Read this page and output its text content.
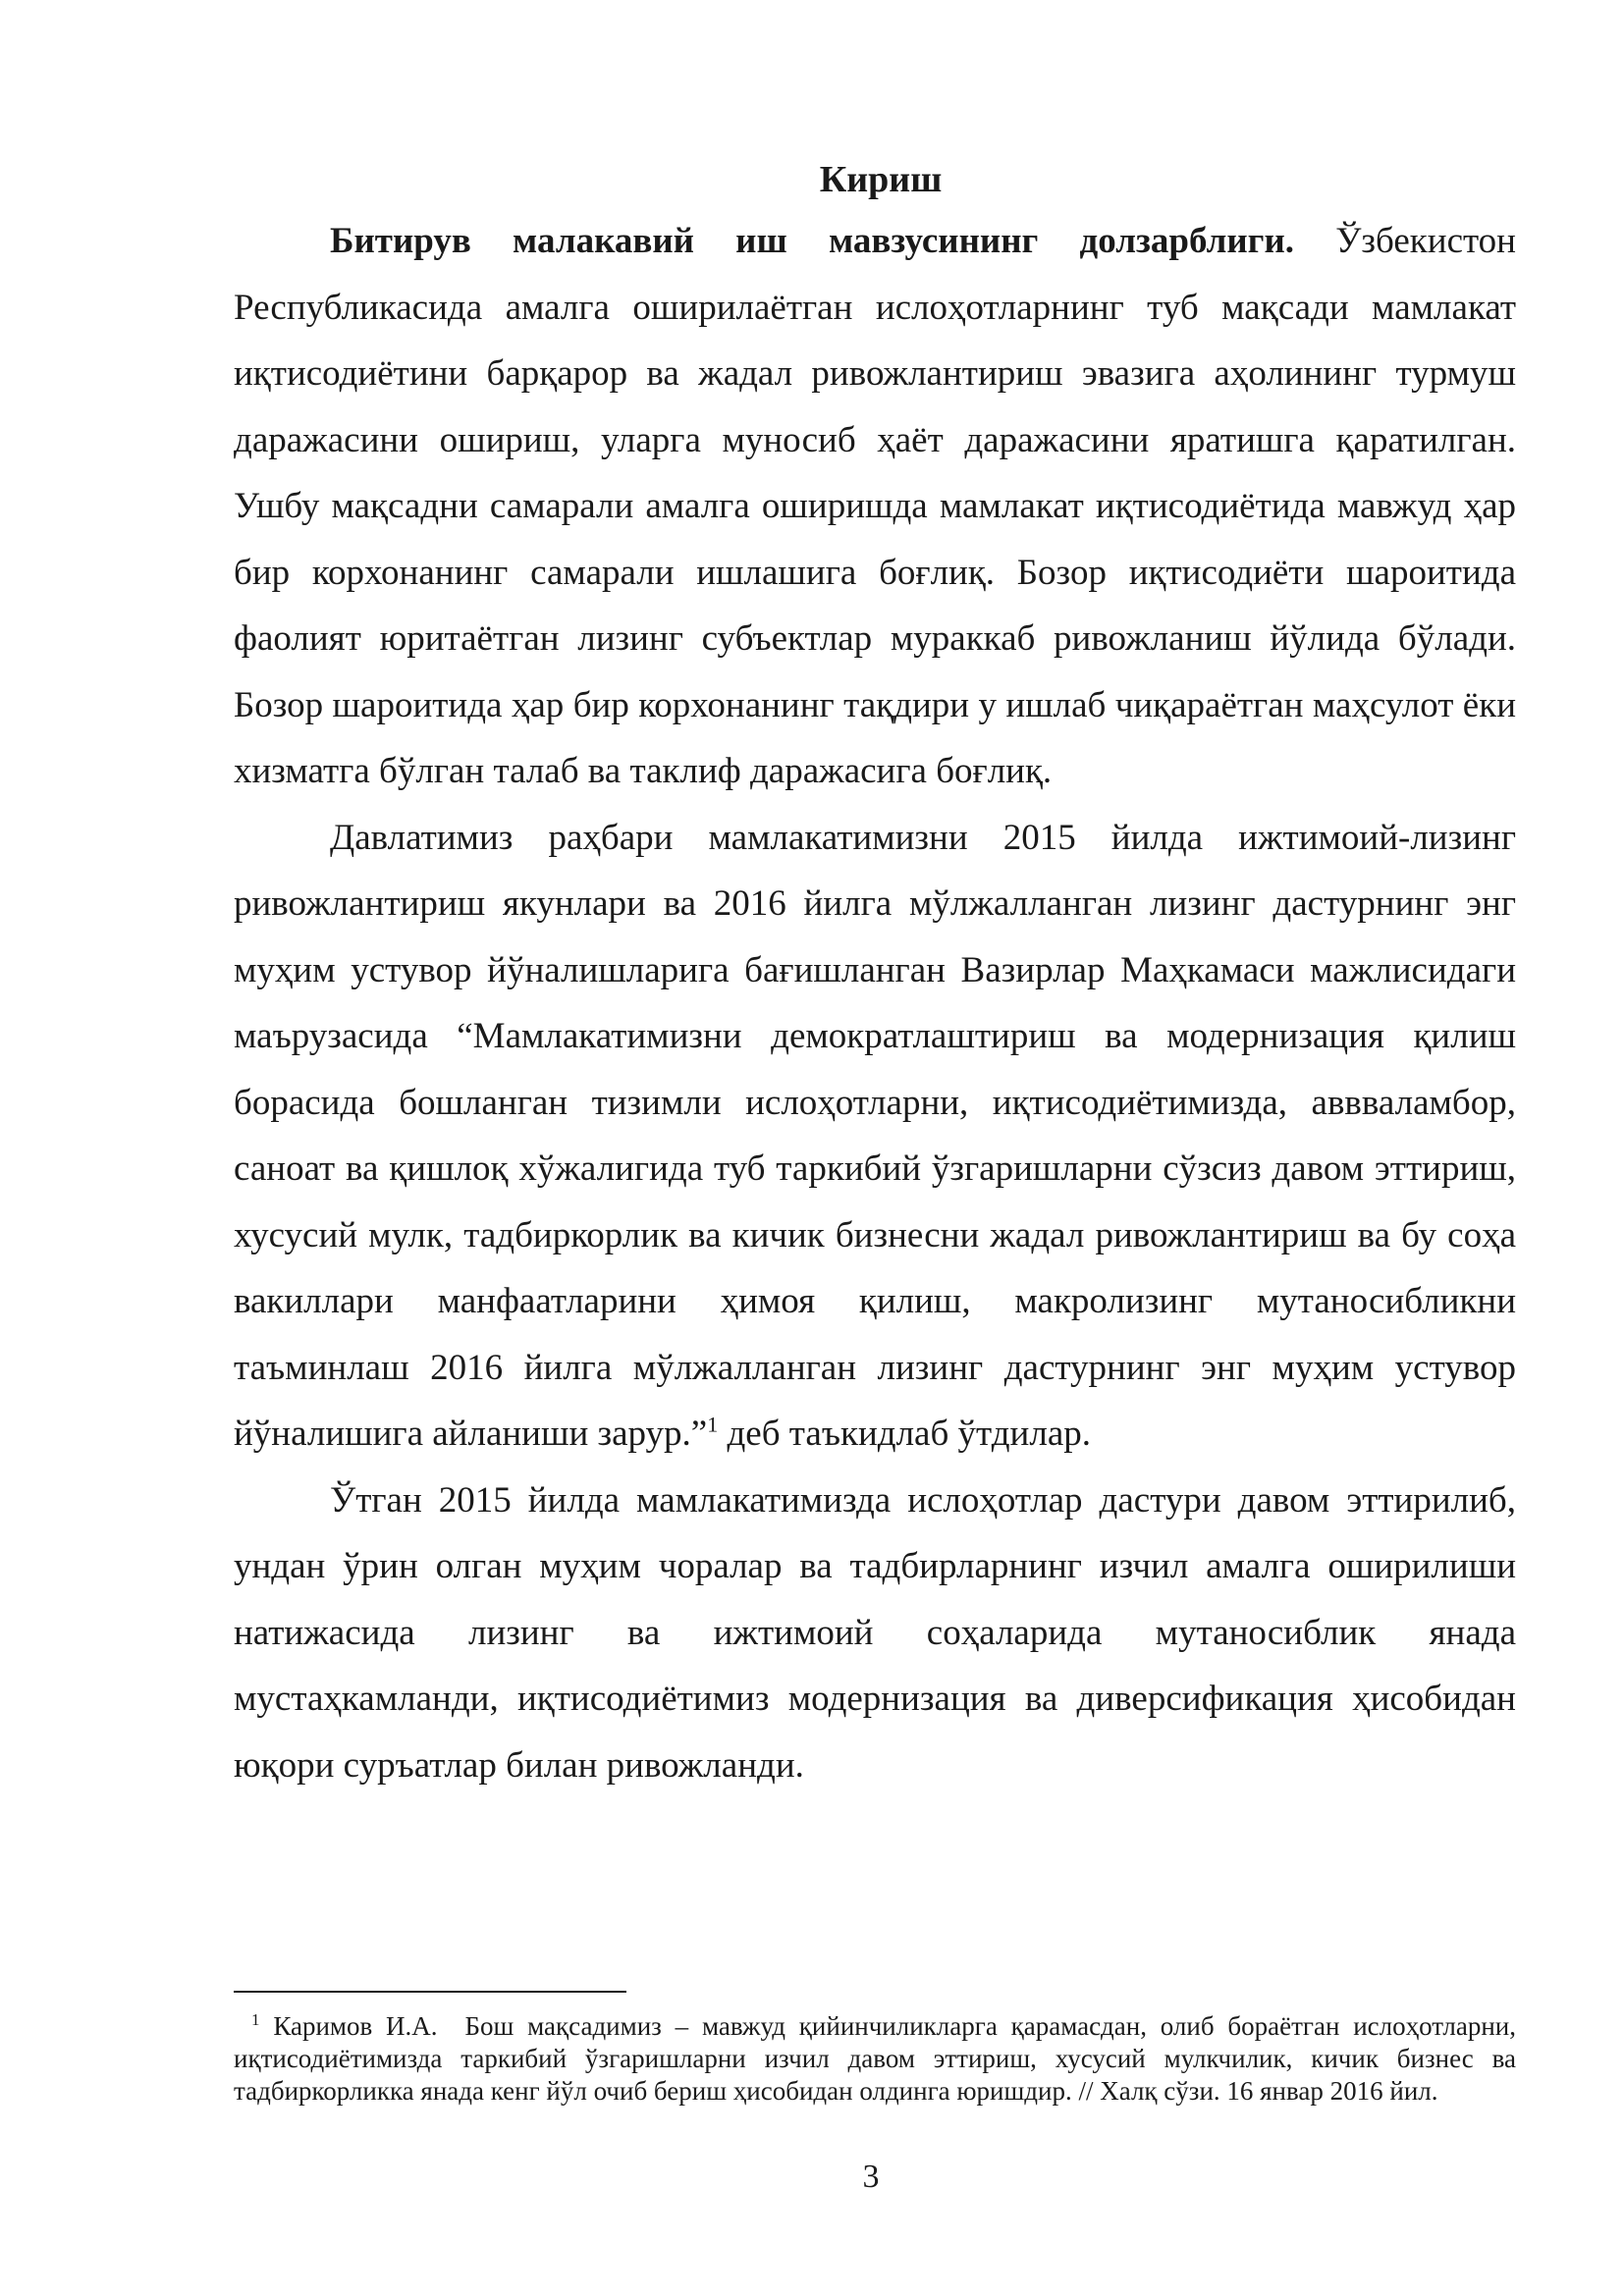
Кириш

Битирув малакавий иш мавзусининг долзарблиги. Ўзбекистон Республикасида амалга оширилаётган ислоҳотларнинг туб мақсади мамлакат иқтисодиётини барқарор ва жадал ривожлантириш эвазига аҳолининг турмуш даражасини ошириш, уларга муносиб ҳаёт даражасини яратишга қаратилган. Ушбу мақсадни самарали амалга оширишда мамлакат иқтисодиётида мавжуд ҳар бир корхонанинг самарали ишлашига боғлиқ. Бозор иқтисодиёти шароитида фаолият юритаётган лизинг субъектлар мураккаб ривожланиш йўлида бўлади. Бозор шароитида ҳар бир корхонанинг тақдири у ишлаб чиқараётган маҳсулот ёки хизматга бўлган талаб ва таклиф даражасига боғлиқ.

Давлатимиз раҳбари мамлакатимизни 2015 йилда ижтимоий-лизинг ривожлантириш якунлари ва 2016 йилга мўлжалланган лизинг дастурнинг энг муҳим устувор йўналишларига бағишланган Вазирлар Маҳкамаси мажлисидаги маърузасида “Мамлакатимизни демократлаштириш ва модернизация қилиш борасида бошланган тизимли ислоҳотларни, иқтисодиётимизда, аввваламбор, саноат ва қишлоқ хўжалигида туб таркибий ўзгаришларни сўзсиз давом эттириш, хусусий мулк, тадбиркорлик ва кичик бизнесни жадал ривожлантириш ва бу соҳа вакиллари манфаатларини ҳимоя қилиш, макролизинг мутаносибликни таъминлаш 2016 йилга мўлжалланган лизинг дастурнинг энг муҳим устувор йўналишига айланиши зарур.”$^1$ деб таъкидлаб ўтдилар.

Ўтган 2015 йилда мамлакатимизда ислоҳотлар дастури давом эттирилиб, ундан ўрин олган муҳим чоралар ва тадбирларнинг изчил амалга оширилиши натижасида лизинг ва ижтимоий соҳаларида мутаносиблик янада мустаҳкамланди, иқтисодиётимиз модернизация ва диверсификация ҳисобидан юқори суръатлар билан ривожланди.

$^1$ Каримов И.А. Бош мақсадимиз – мавжуд қийинчиликларга қарамасдан, олиб бораётган ислоҳотларни, иқтисодиётимизда таркибий ўзгаришларни изчил давом эттириш, хусусий мулкчилик, кичик бизнес ва тадбиркорликка янада кенг йўл очиб бериш ҳисобидан олдинга юришдир. // Халқ сўзи. 16 январ 2016 йил.

3
